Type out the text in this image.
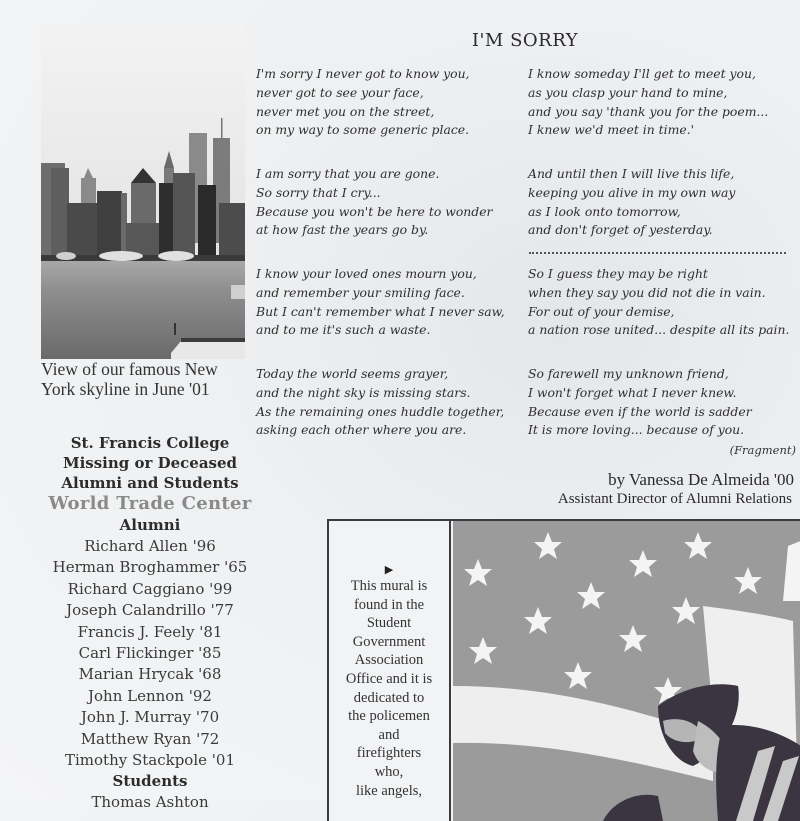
View of our famous New
York skyline in June '01
St. Francis College
Missing or Deceased
Alumni and Students
World Trade Center
Alumni
Richard Allen '96
Herman Broghammer '65
Richard Caggiano '99
Joseph Calandrillo '77
Francis J. Feely '81
Carl Flickinger '85
Marian Hrycak '68
John Lennon '92
John J. Murray '70
Matthew Ryan '72
Timothy Stackpole '01
Students
Thomas Ashton
I'M SORRY
I'm sorry I never got to know you,
never got to see your face,
never met you on the street,
on my way to some generic place.
I am sorry that you are gone.
So sorry that I cry...
Because you won't be here to wonder
at how fast the years go by.
I know your loved ones mourn you,
and remember your smiling face.
But I can't remember what I never saw,
and to me it's such a waste.
Today the world seems grayer,
and the night sky is missing stars.
As the remaining ones huddle together,
asking each other where you are.
I know someday I'll get to meet you,
as you clasp your hand to mine,
and you say 'thank you for the poem...
I knew we'd meet in time.'
And until then I will live this life,
keeping you alive in my own way
as I look onto tomorrow,
and don't forget of yesterday.
So I guess they may be right
when they say you did not die in vain.
For out of your demise,
a nation rose united... despite all its pain.
So farewell my unknown friend,
I won't forget what I never knew.
Because even if the world is sadder
It is more loving... because of you.
(Fragment)
by Vanessa De Almeida '00
Assistant Director of Alumni Relations
▶
This mural is
found in the
Student
Government
Association
Office and it is
dedicated to
the policemen
and
firefighters
who,
like angels,
